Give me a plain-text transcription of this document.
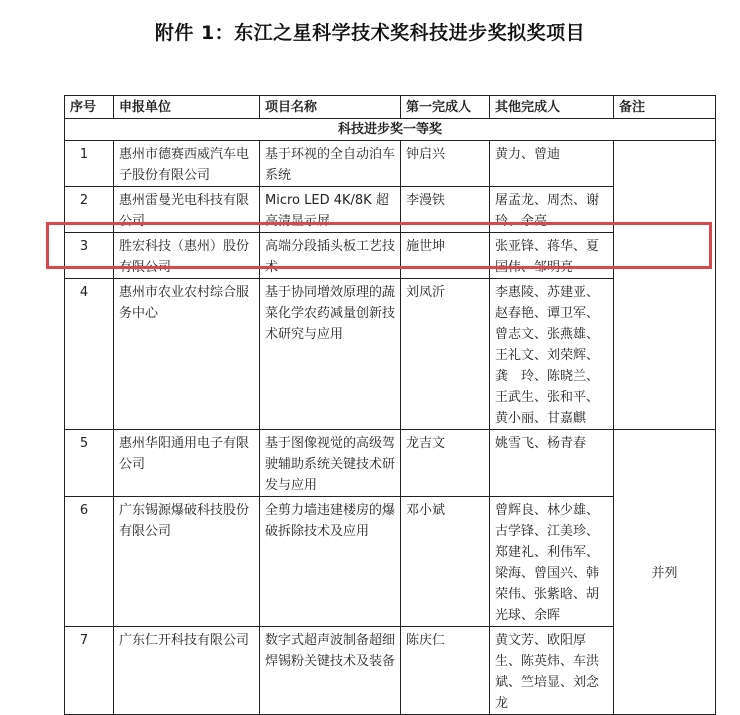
附件 1：东江之星科学技术奖科技进步奖拟奖项目
序号	申报单位	项目名称	第一完成人	其他完成人	备注
科技进步奖一等奖					
1	惠州市德赛西威汽车电子股份有限公司	基于环视的全自动泊车系统	钟启兴	黄力、曾迪	
2	惠州雷曼光电科技有限公司	Micro LED 4K/8K 超高清显示屏	李漫铁	屠孟龙、周杰、谢玲、余亮	
3	胜宏科技（惠州）股份有限公司	高端分段插头板工艺技术	施世坤	张亚锋、蒋华、夏国伟、邹明亮	
4	惠州市农业农村综合服务中心	基于协同增效原理的蔬菜化学农药减量创新技术研究与应用	刘凤沂	李惠陵、苏建亚、赵春艳、谭卫军、曾志文、张燕雄、王礼文、刘荣辉、龚　玲、陈晓兰、王武生、张和平、黄小丽、甘嘉麒	
5	惠州华阳通用电子有限公司	基于图像视觉的高级驾驶辅助系统关键技术研发与应用	龙吉文	姚雪飞、杨青春	并列
6	广东锡源爆破科技股份有限公司	全剪力墙违建楼房的爆破拆除技术及应用	邓小斌	曾辉良、林少雄、古学锋、江美珍、郑建礼、利伟军、梁海、曾国兴、韩荣伟、张紫晗、胡光球、余晖	
7	广东仁开科技有限公司	数字式超声波制备超细焊锡粉关键技术及装备	陈庆仁	黄文芳、欧阳厚生、陈英炜、车洪斌、竺培显、刘念龙	
